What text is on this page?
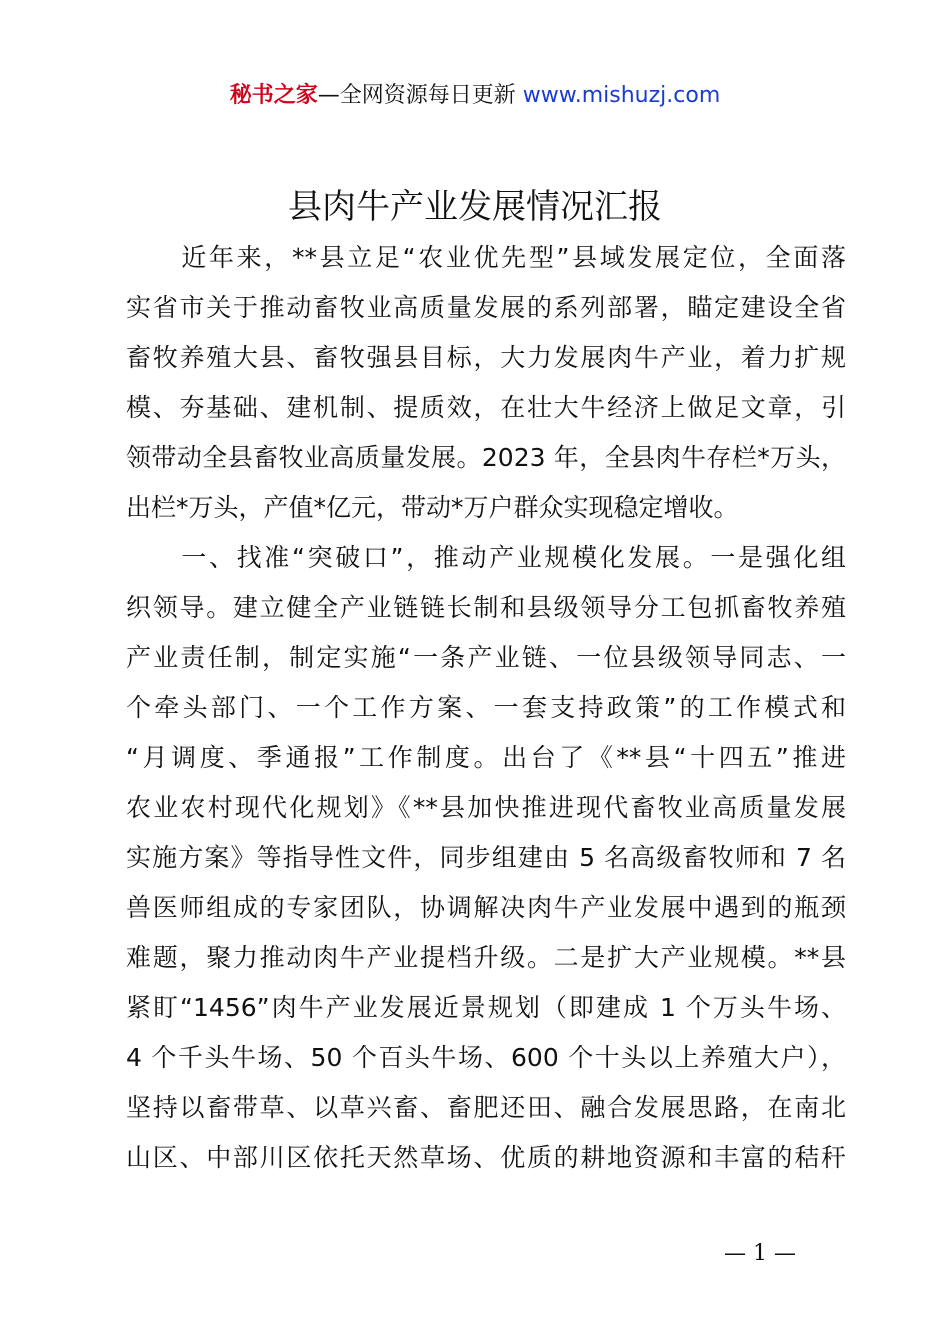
秘书之家—全网资源每日更新 www.mishuzj.com
县肉牛产业发展情况汇报
　　近年来，**县立足“农业优先型”县域发展定位，全面落
实省市关于推动畜牧业高质量发展的系列部署，瞄定建设全省
畜牧养殖大县、畜牧强县目标，大力发展肉牛产业，着力扩规
模、夯基础、建机制、提质效，在壮大牛经济上做足文章，引
领带动全县畜牧业高质量发展。2023 年，全县肉牛存栏*万头，
出栏*万头，产值*亿元，带动*万户群众实现稳定增收。
　　一、找准“突破口”，推动产业规模化发展。一是强化组
织领导。建立健全产业链链长制和县级领导分工包抓畜牧养殖
产业责任制，制定实施“一条产业链、一位县级领导同志、一
个牵头部门、一个工作方案、一套支持政策”的工作模式和
“月调度、季通报”工作制度。出台了《**县“十四五”推进
农业农村现代化规划》《**县加快推进现代畜牧业高质量发展
实施方案》等指导性文件，同步组建由 5 名高级畜牧师和 7 名
兽医师组成的专家团队，协调解决肉牛产业发展中遇到的瓶颈
难题，聚力推动肉牛产业提档升级。二是扩大产业规模。**县
紧盯“1456”肉牛产业发展近景规划（即建成 1 个万头牛场、
4 个千头牛场、50 个百头牛场、600 个十头以上养殖大户），
坚持以畜带草、以草兴畜、畜肥还田、融合发展思路，在南北
山区、中部川区依托天然草场、优质的耕地资源和丰富的秸秆
— 1 —
